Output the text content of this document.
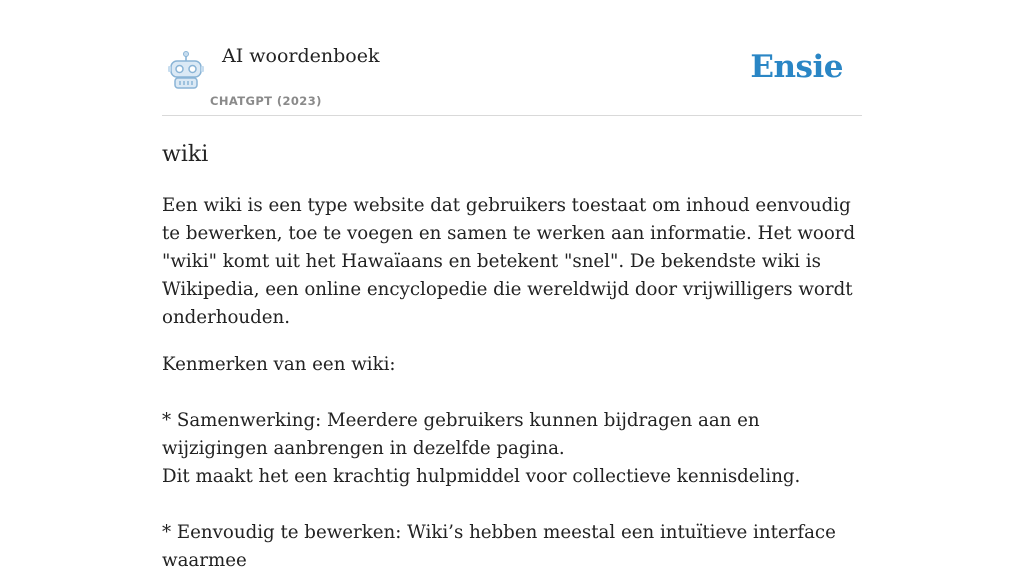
AI woordenboek
CHATGPT (2023)
Ensie
wiki
Een wiki is een type website dat gebruikers toestaat om inhoud eenvoudig te bewerken, toe te voegen en samen te werken aan informatie. Het woord "wiki" komt uit het Hawaïaans en betekent "snel". De bekendste wiki is Wikipedia, een online encyclopedie die wereldwijd door vrijwilligers wordt onderhouden.
Kenmerken van een wiki:

* Samenwerking: Meerdere gebruikers kunnen bijdragen aan en wijzigingen aanbrengen in dezelfde pagina.
Dit maakt het een krachtig hulpmiddel voor collectieve kennisdeling.

* Eenvoudig te bewerken: Wiki’s hebben meestal een intuïtieve interface waarmee
